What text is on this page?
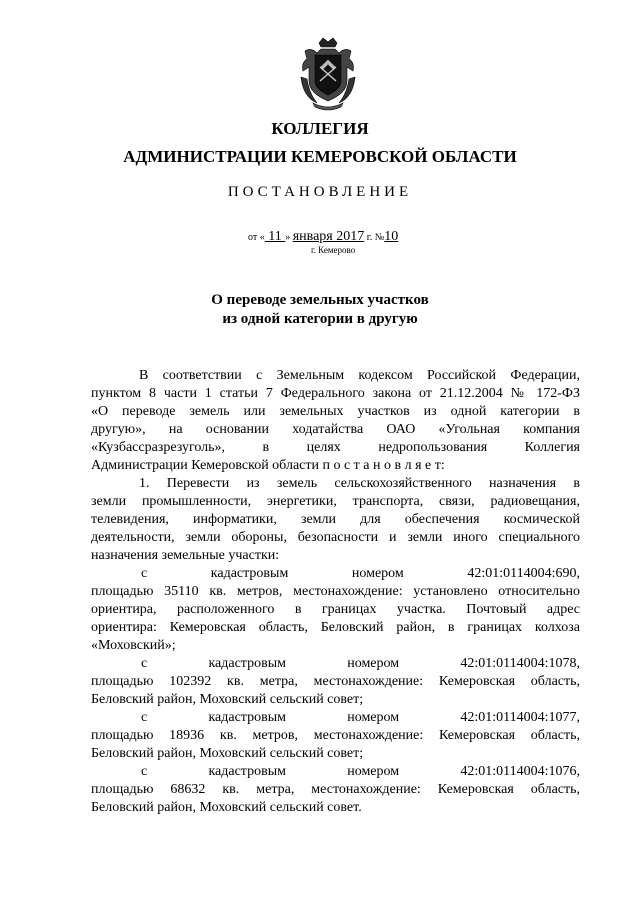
КОЛЛЕГИЯ
АДМИНИСТРАЦИИ КЕМЕРОВСКОЙ ОБЛАСТИ
ПОСТАНОВЛЕНИЕ
от « 11 » января 2017 г. №10
г. Кемерово
О переводе земельных участков
из одной категории в другую

В соответствии с Земельным кодексом Российской Федерации,

пунктом 8 части 1 статьи 7 Федерального закона от 21.12.2004 № 172-ФЗ

«О переводе земель или земельных участков из одной категории в

другую», на основании ходатайства ОАО «Угольная компания

«Кузбассразрезуголь», в целях недропользования Коллегия

Администрации Кемеровской области п о с т а н о в л я е т:

1. Перевести из земель сельскохозяйственного назначения в

земли промышленности, энергетики, транспорта, связи, радиовещания,

телевидения, информатики, земли для обеспечения космической

деятельности, земли обороны, безопасности и земли иного специального

назначения земельные участки:

с кадастровым номером 42:01:0114004:690,

площадью 35110 кв. метров, местонахождение: установлено относительно

ориентира, расположенного в границах участка. Почтовый адрес

ориентира: Кемеровская область, Беловский район, в границах колхоза

«Моховский»;

с кадастровым номером 42:01:0114004:1078,

площадью 102392 кв. метра, местонахождение: Кемеровская область,

Беловский район, Моховский сельский совет;

с кадастровым номером 42:01:0114004:1077,

площадью 18936 кв. метров, местонахождение: Кемеровская область,

Беловский район, Моховский сельский совет;

с кадастровым номером 42:01:0114004:1076,

площадью 68632 кв. метра, местонахождение: Кемеровская область,

Беловский район, Моховский сельский совет.
